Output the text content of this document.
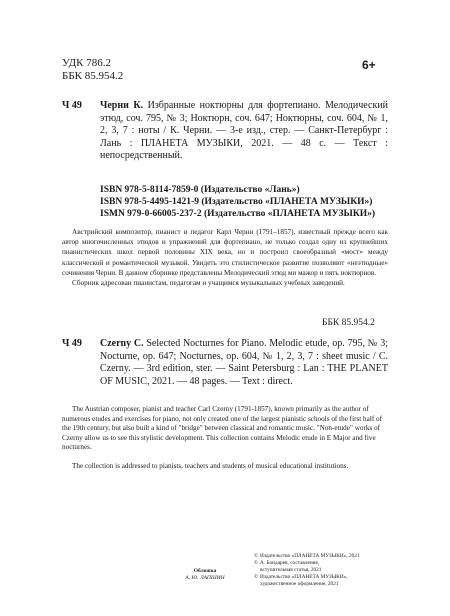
УДК 786.2
ББК 85.954.2
6+
Ч 49 Черни К. Избранные ноктюрны для фортепиано. Мелодический этюд, соч. 795, № 3; Ноктюрн, соч. 647; Ноктюрны, соч. 604, № 1, 2, 3, 7 : ноты / К. Черни. — 3-е изд., стер. — Санкт-Петербург : Лань : ПЛАНЕТА МУЗЫКИ, 2021. — 48 с. — Текст : непосредственный.
ISBN 978-5-8114-7859-0 (Издательство «Лань»)
ISBN 978-5-4495-1421-9 (Издательство «ПЛАНЕТА МУЗЫКИ»)
ISMN 979-0-66005-237-2 (Издательство «ПЛАНЕТА МУЗЫКИ»)

Австрийский композитор, пианист и педагог Карл Черни (1791–1857), известный прежде всего как автор многочисленных этюдов и упражнений для фортепиано, не только создал одну из крупнейших пианистических школ первой половины XIX века, но и построил своеобразный «мост» между классической и романтической музыкой. Увидеть это стилистическое развитие позволяют «неэтюдные» сочинения Черни. В данном сборнике представлены Мелодический этюд ми мажор и пять ноктюрнов.

Сборник адресован пианистам, педагогам и учащимся музыкальных учебных заведений.

ББК 85.954.2
Ч 49 Czerny C. Selected Nocturnes for Piano. Melodic etude, op. 795, № 3; Nocturne, op. 647; Nocturnes, op. 604, № 1, 2, 3, 7 : sheet music / C. Czerny. — 3rd edition, ster. — Saint Petersburg : Lan : THE PLANET OF MUSIC, 2021. — 48 pages. — Text : direct.

The Austrian composer, pianist and teacher Carl Czerny (1791-1857), known primarily as the author of numerous etudes and exercises for piano, not only created one of the largest pianistic schools of the first half of the 19th century, but also built a kind of "bridge" between classical and romantic music. "Non-etude" works of Czerny allow us to see this stylistic development. This collection contains Melodic etude in E Major and five nocturnes.

The collection is addressed to pianists, teachers and students of musical educational institutions.

Обложка
А. Ю. ЛАПШИН
© Издательство «ПЛАНЕТА МУЗЫКИ», 2021
© А. Бондарев, составление,
вступительная статья, 2021
© Издательство «ПЛАНЕТА МУЗЫКИ»,
художественное оформление, 2021
